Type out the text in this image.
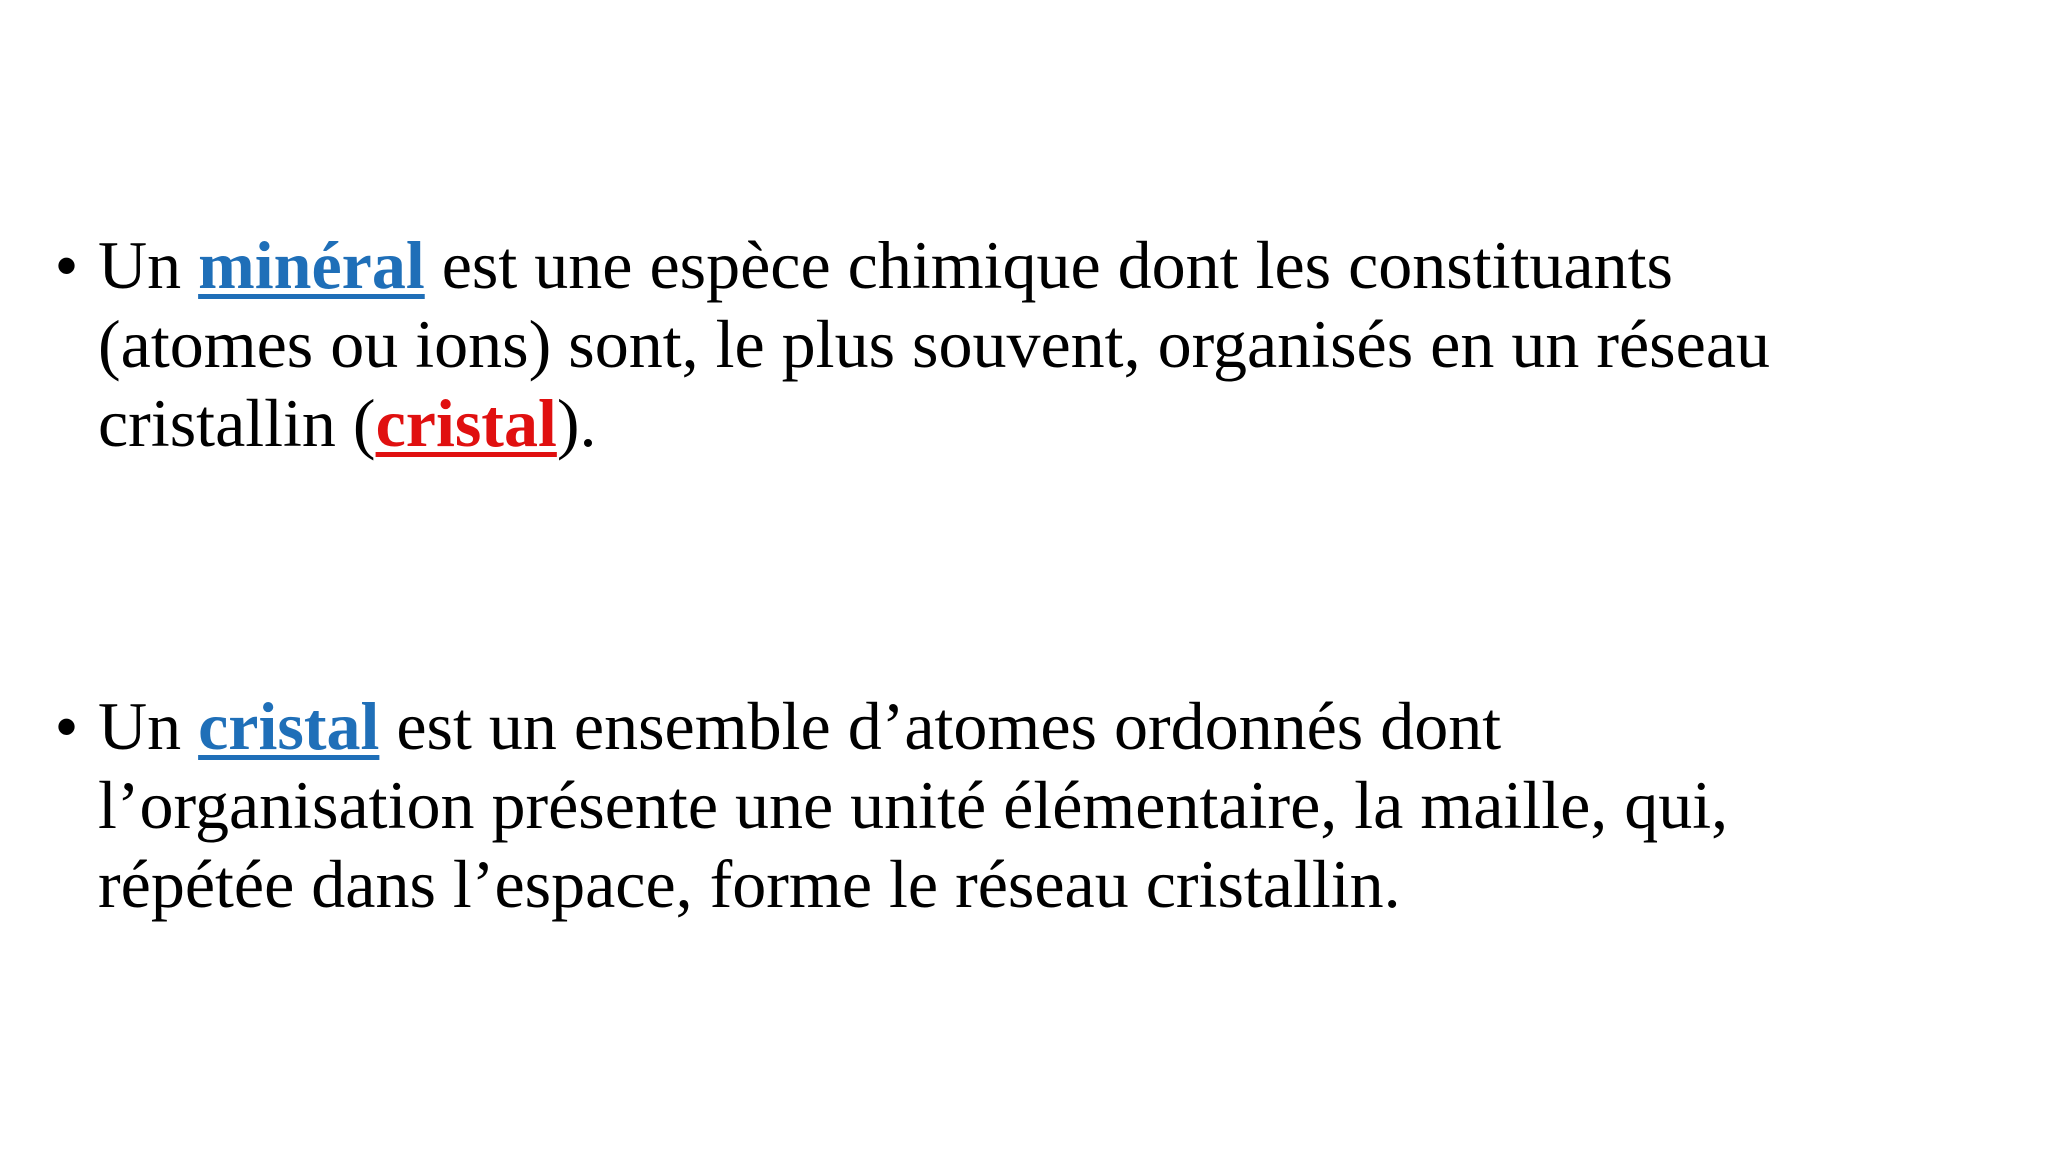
• Un minéral est une espèce chimique dont les constituants
(atomes ou ions) sont, le plus souvent, organisés en un réseau
cristallin (cristal).
• Un cristal est un ensemble d’atomes ordonnés dont
l’organisation présente une unité élémentaire, la maille, qui,
répétée dans l’espace, forme le réseau cristallin.
